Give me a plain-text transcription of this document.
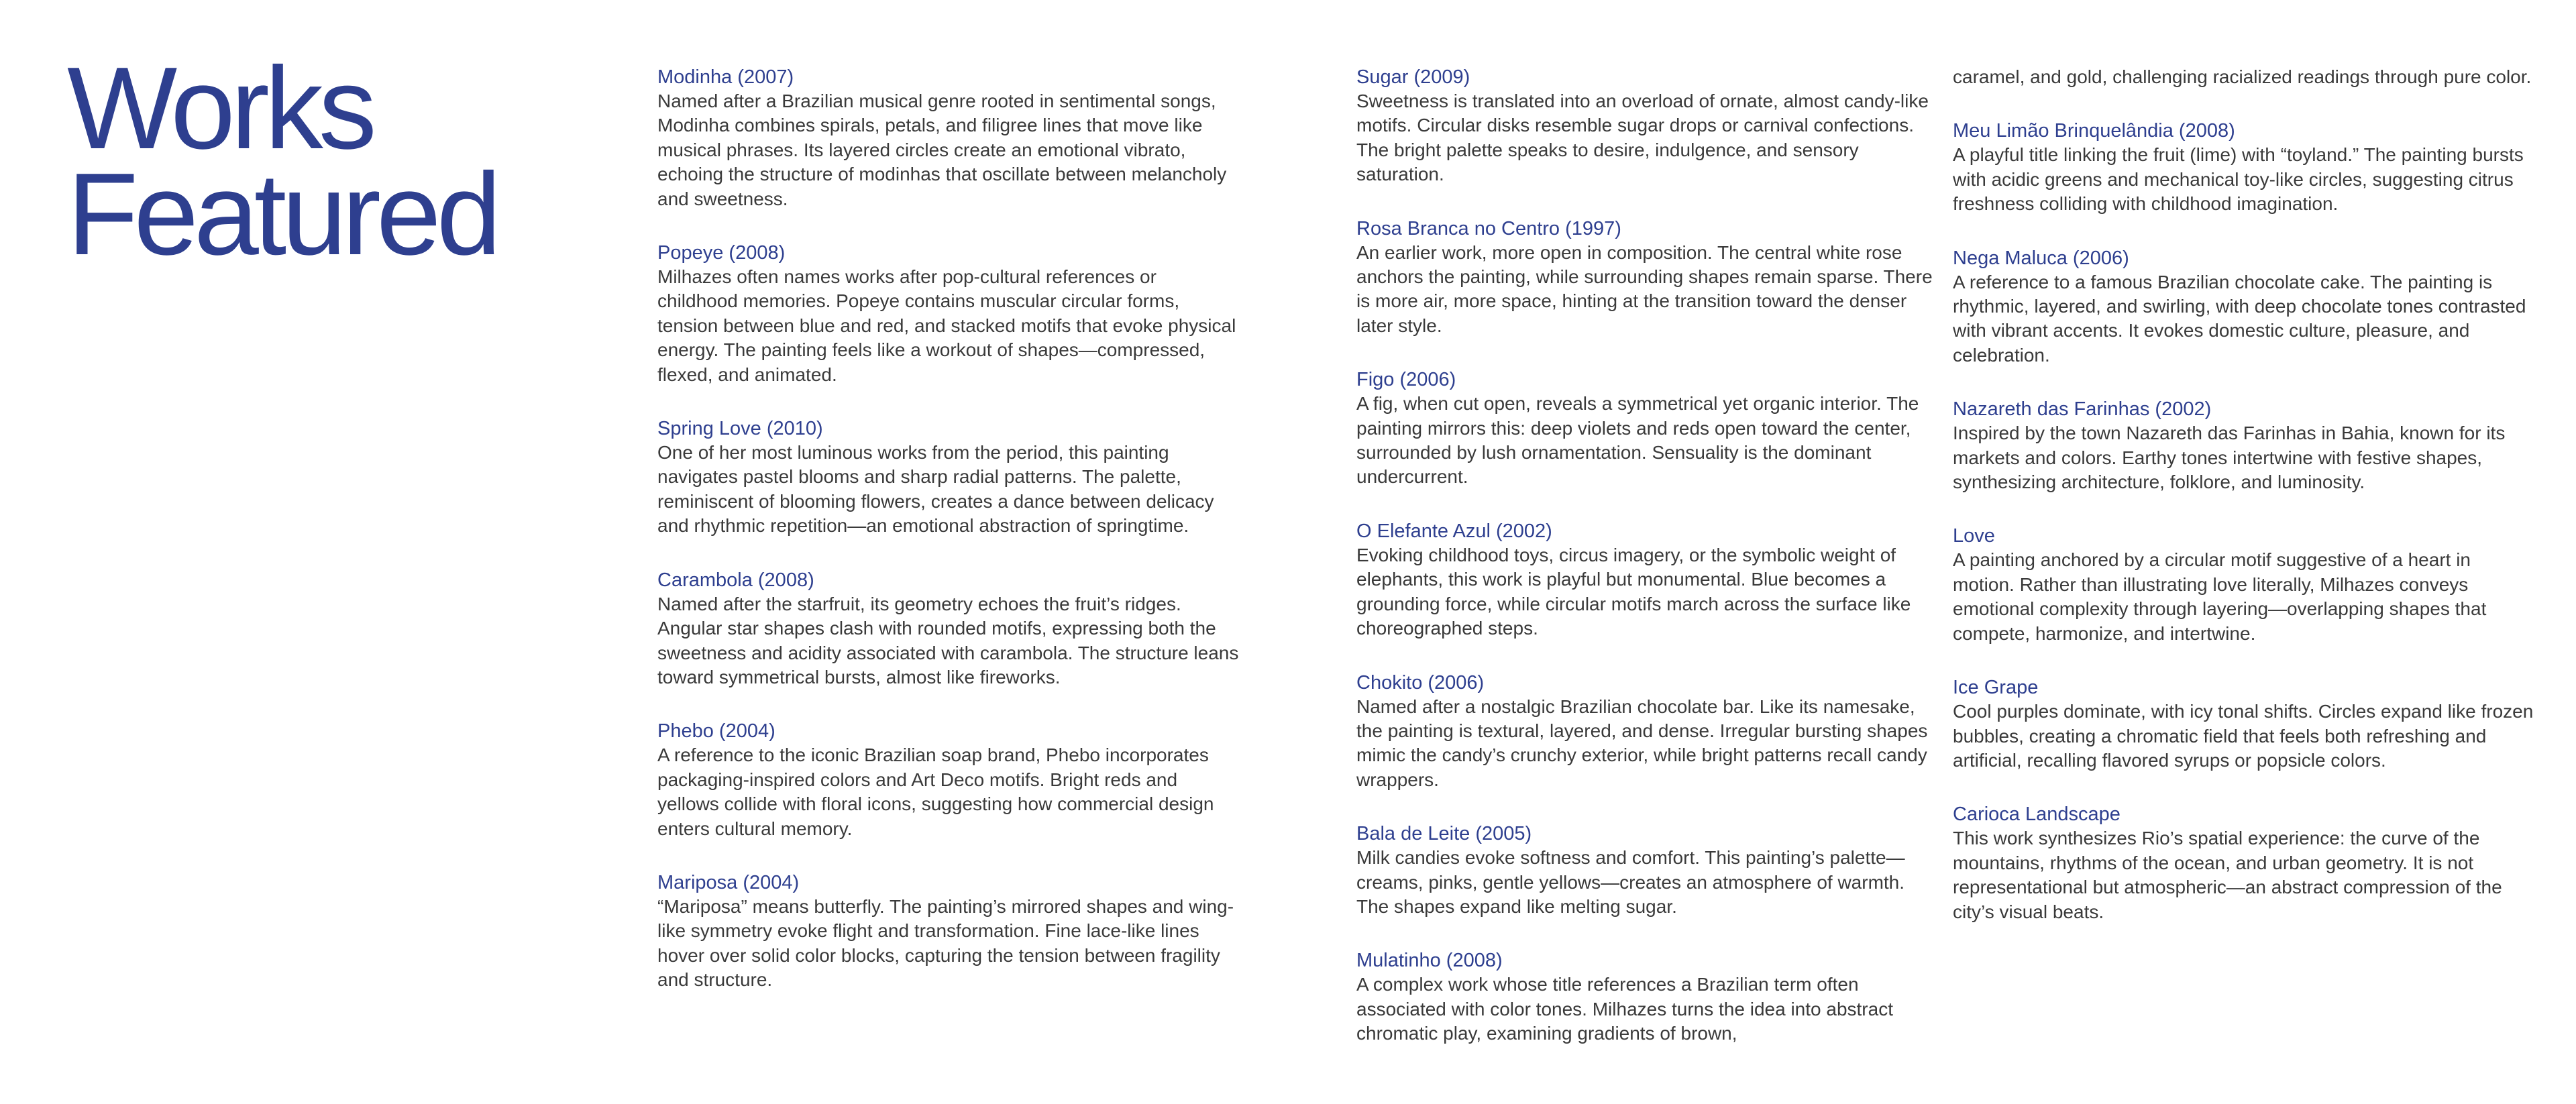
Works
Featured
Modinha (2007)

Named after a Brazilian musical genre rooted in sentimental songs, Modinha combines spirals, petals, and filigree lines that move like musical phrases. Its layered circles create an emotional vibrato, echoing the structure of modinhas that oscillate between melancholy and sweetness.

Popeye (2008)

Milhazes often names works after pop-cultural references or childhood memories. Popeye contains muscular circular forms, tension between blue and red, and stacked motifs that evoke physical energy. The painting feels like a workout of shapes—compressed, flexed, and animated.

Spring Love (2010)

One of her most luminous works from the period, this painting navigates pastel blooms and sharp radial patterns. The palette, reminiscent of blooming flowers, creates a dance between delicacy and rhythmic repetition—an emotional abstraction of springtime.

Carambola (2008)

Named after the starfruit, its geometry echoes the fruit’s ridges. Angular star shapes clash with rounded motifs, expressing both the sweetness and acidity associated with carambola. The structure leans toward symmetrical bursts, almost like fireworks.

Phebo (2004)

A reference to the iconic Brazilian soap brand, Phebo incorporates packaging-inspired colors and Art Deco motifs. Bright reds and yellows collide with floral icons, suggesting how commercial design enters cultural memory.

Mariposa (2004)

“Mariposa” means butterfly. The painting’s mirrored shapes and wing-like symmetry evoke flight and transformation. Fine lace-like lines hover over solid color blocks, capturing the tension between fragility and structure.

Sugar (2009)

Sweetness is translated into an overload of ornate, almost candy-like motifs. Circular disks resemble sugar drops or carnival confections. The bright palette speaks to desire, indulgence, and sensory saturation.

Rosa Branca no Centro (1997)

An earlier work, more open in composition. The central white rose anchors the painting, while surrounding shapes remain sparse. There is more air, more space, hinting at the transition toward the denser later style.

Figo (2006)

A fig, when cut open, reveals a symmetrical yet organic interior. The painting mirrors this: deep violets and reds open toward the center, surrounded by lush ornamentation. Sensuality is the dominant undercurrent.

O Elefante Azul (2002)

Evoking childhood toys, circus imagery, or the symbolic weight of elephants, this work is playful but monumental. Blue becomes a grounding force, while circular motifs march across the surface like choreographed steps.

Chokito (2006)

Named after a nostalgic Brazilian chocolate bar. Like its namesake, the painting is textural, layered, and dense. Irregular bursting shapes mimic the candy’s crunchy exterior, while bright patterns recall candy wrappers.

Bala de Leite (2005)

Milk candies evoke softness and comfort. This painting’s palette—creams, pinks, gentle yellows—creates an atmosphere of warmth. The shapes expand like melting sugar.

Mulatinho (2008)

A complex work whose title references a Brazilian term often associated with color tones. Milhazes turns the idea into abstract chromatic play, examining gradients of brown,

caramel, and gold, challenging racialized readings through pure color.

Meu Limão Brinquelândia (2008)

A playful title linking the fruit (lime) with “toyland.” The painting bursts with acidic greens and mechanical toy-like circles, suggesting citrus freshness colliding with childhood imagination.

Nega Maluca (2006)

A reference to a famous Brazilian chocolate cake. The painting is rhythmic, layered, and swirling, with deep chocolate tones contrasted with vibrant accents. It evokes domestic culture, pleasure, and celebration.

Nazareth das Farinhas (2002)

Inspired by the town Nazareth das Farinhas in Bahia, known for its markets and colors. Earthy tones intertwine with festive shapes, synthesizing architecture, folklore, and luminosity.

Love

A painting anchored by a circular motif suggestive of a heart in motion. Rather than illustrating love literally, Milhazes conveys emotional complexity through layering—overlapping shapes that compete, harmonize, and intertwine.

Ice Grape

Cool purples dominate, with icy tonal shifts. Circles expand like frozen bubbles, creating a chromatic field that feels both refreshing and artificial, recalling flavored syrups or popsicle colors.

Carioca Landscape

This work synthesizes Rio’s spatial experience: the curve of the mountains, rhythms of the ocean, and urban geometry. It is not representational but atmospheric—an abstract compression of the city’s visual beats.
